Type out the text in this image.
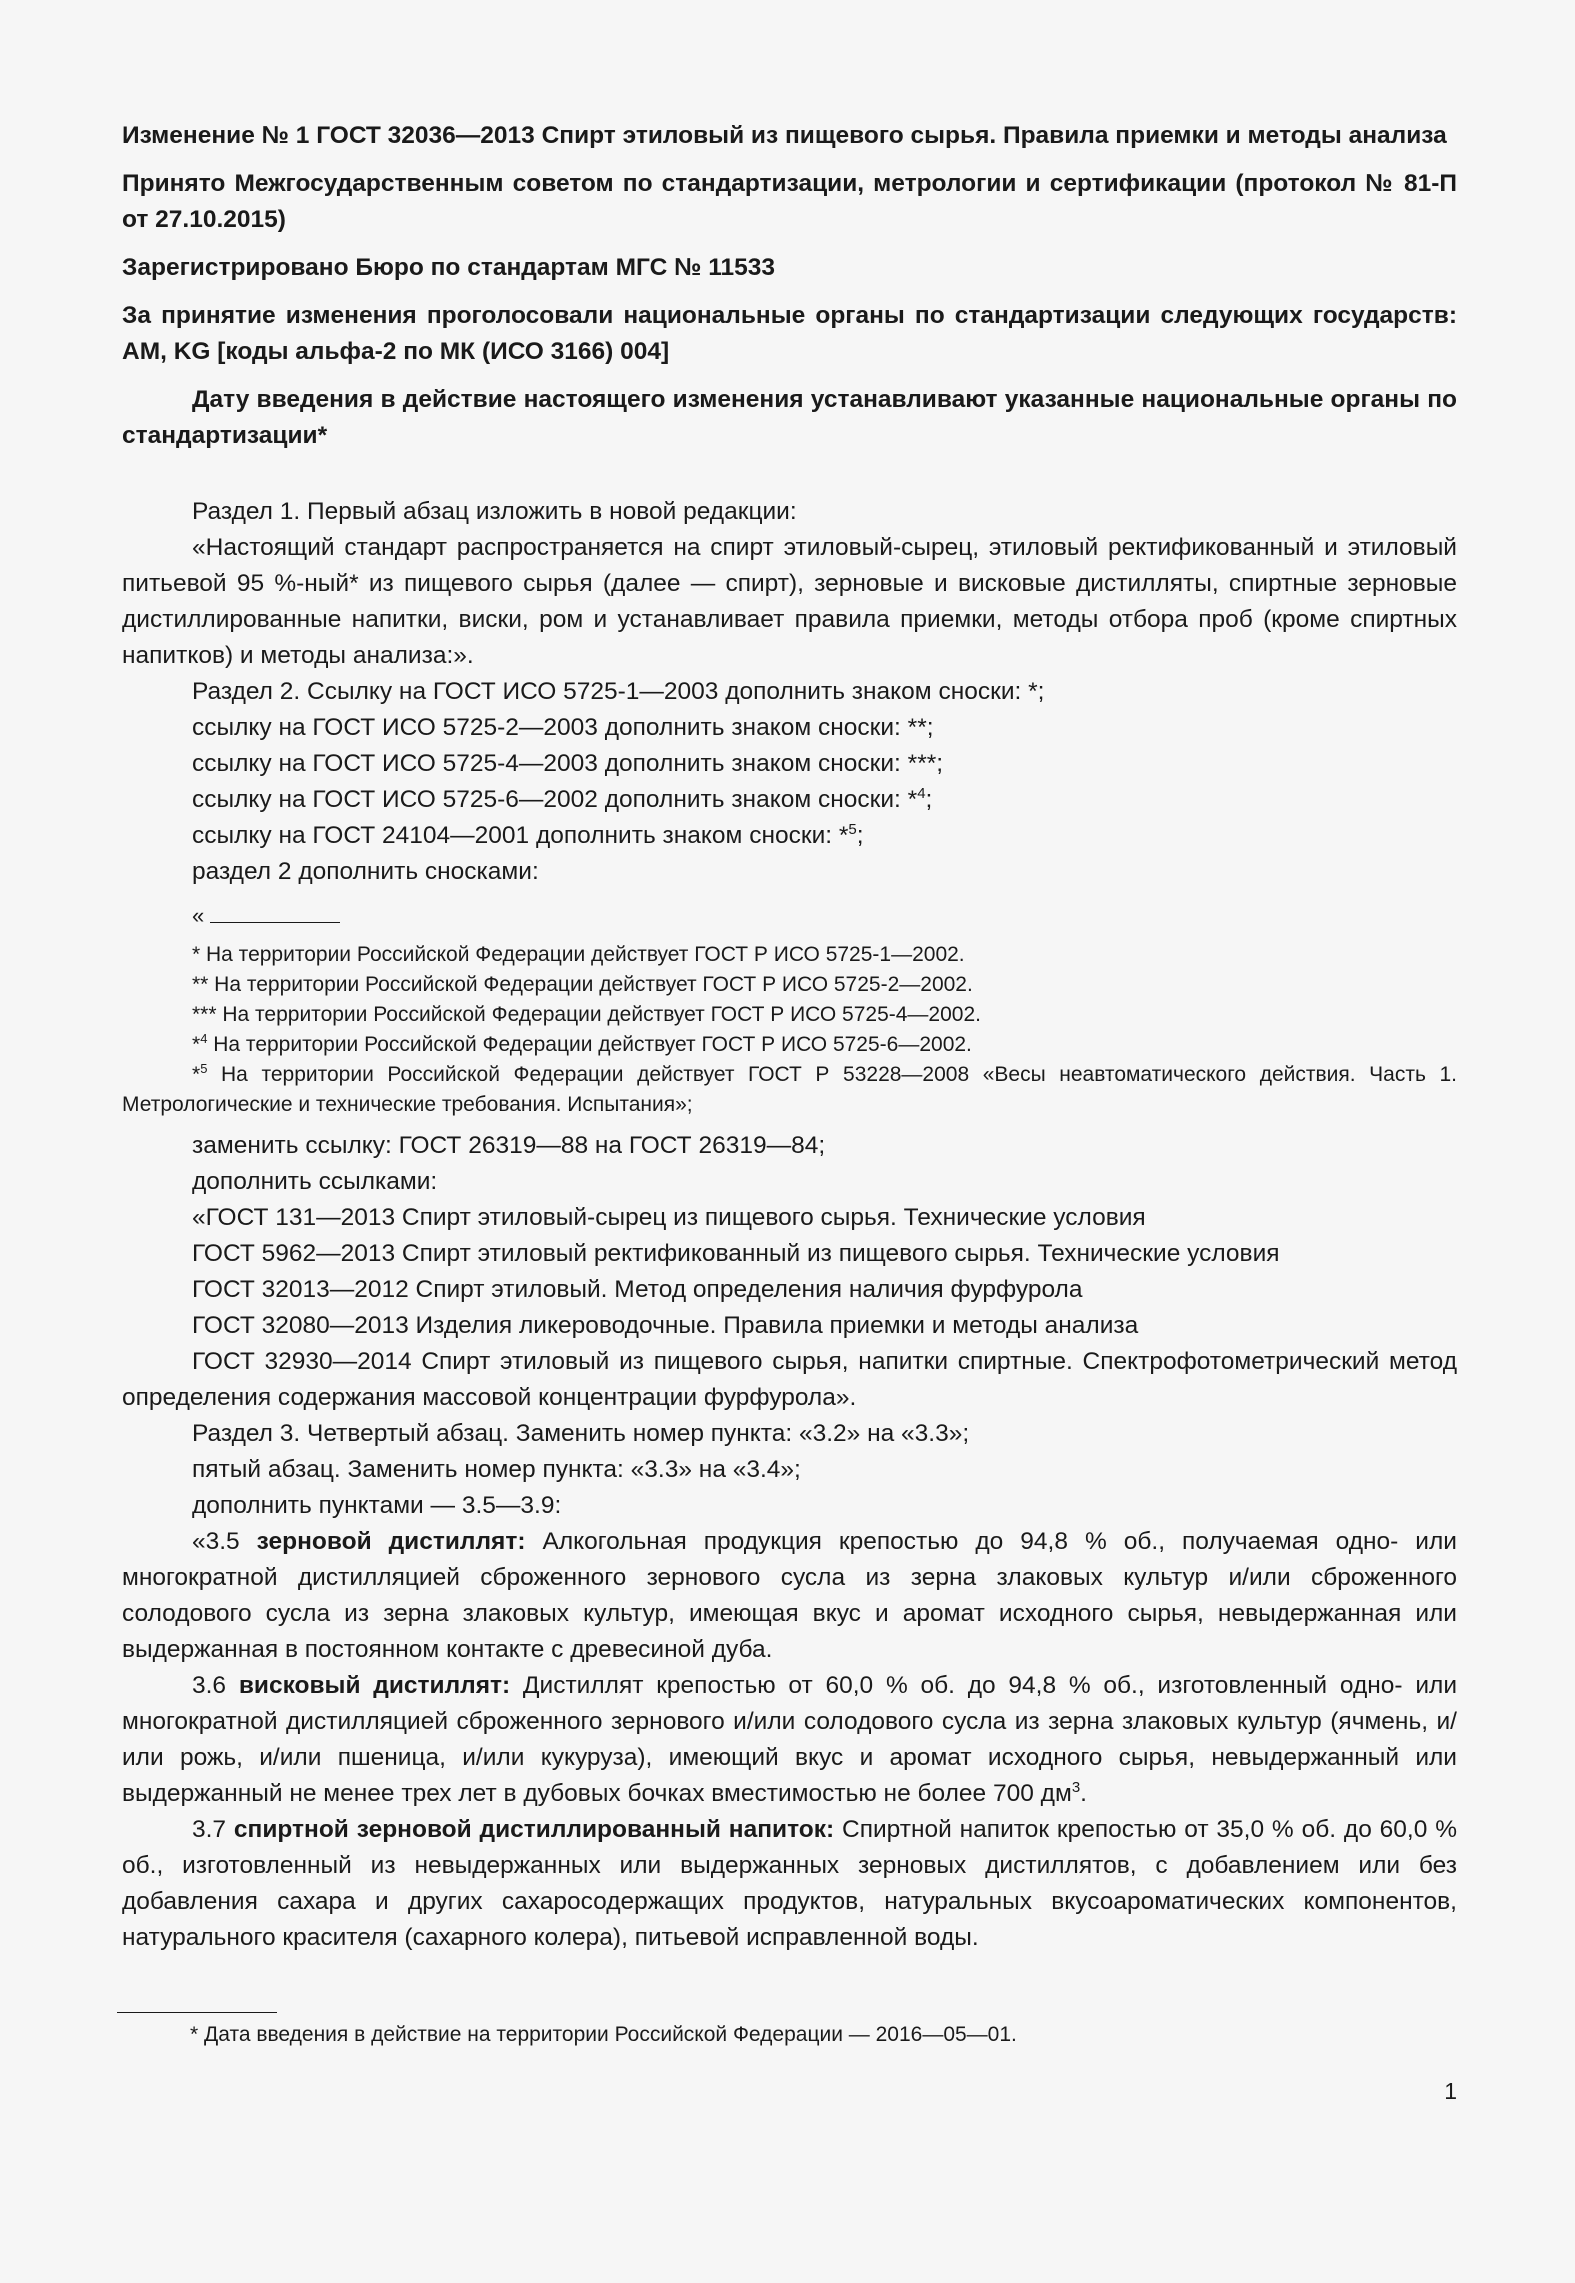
Изменение № 1 ГОСТ 32036—2013 Спирт этиловый из пищевого сырья. Правила приемки и методы анализа

Принято Межгосударственным советом по стандартизации, метрологии и сертификации (протокол № 81-П от 27.10.2015)

Зарегистрировано Бюро по стандартам МГС № 11533

За принятие изменения проголосовали национальные органы по стандартизации следующих государств: AM, KG [коды альфа-2 по МК (ИСО 3166) 004]

Дату введения в действие настоящего изменения устанавливают указанные национальные органы по стандартизации*

Раздел 1. Первый абзац изложить в новой редакции:

«Настоящий стандарт распространяется на спирт этиловый-сырец, этиловый ректификованный и этиловый питьевой 95 %-ный* из пищевого сырья (далее — спирт), зерновые и висковые дистилляты, спиртные зерновые дистиллированные напитки, виски, ром и устанавливает правила приемки, методы отбора проб (кроме спиртных напитков) и методы анализа:».

Раздел 2. Ссылку на ГОСТ ИСО 5725-1—2003 дополнить знаком сноски: *;

ссылку на ГОСТ ИСО 5725-2—2003 дополнить знаком сноски: **;

ссылку на ГОСТ ИСО 5725-4—2003 дополнить знаком сноски: ***;

ссылку на ГОСТ ИСО 5725-6—2002 дополнить знаком сноски: *$^4$;

ссылку на ГОСТ 24104—2001 дополнить знаком сноски: *$^5$;

раздел 2 дополнить сносками:

«

* На территории Российской Федерации действует ГОСТ Р ИСО 5725-1—2002.

** На территории Российской Федерации действует ГОСТ Р ИСО 5725-2—2002.

*** На территории Российской Федерации действует ГОСТ Р ИСО 5725-4—2002.

*$^4$ На территории Российской Федерации действует ГОСТ Р ИСО 5725-6—2002.

*$^5$ На территории Российской Федерации действует ГОСТ Р 53228—2008 «Весы неавтоматического действия. Часть 1. Метрологические и технические требования. Испытания»;

заменить ссылку: ГОСТ 26319—88 на ГОСТ 26319—84;

дополнить ссылками:

«ГОСТ 131—2013 Спирт этиловый-сырец из пищевого сырья. Технические условия

ГОСТ 5962—2013 Спирт этиловый ректификованный из пищевого сырья. Технические условия

ГОСТ 32013—2012 Спирт этиловый. Метод определения наличия фурфурола

ГОСТ 32080—2013 Изделия ликероводочные. Правила приемки и методы анализа

ГОСТ 32930—2014 Спирт этиловый из пищевого сырья, напитки спиртные. Спектрофотометрический метод определения содержания массовой концентрации фурфурола».

Раздел 3. Четвертый абзац. Заменить номер пункта: «3.2» на «3.3»;

пятый абзац. Заменить номер пункта: «3.3» на «3.4»;

дополнить пунктами — 3.5—3.9:

«3.5 зерновой дистиллят: Алкогольная продукция крепостью до 94,8 % об., получаемая одно- или многократной дистилляцией сброженного зернового сусла из зерна злаковых культур и/или сброженного солодового сусла из зерна злаковых культур, имеющая вкус и аромат исходного сырья, невыдержанная или выдержанная в постоянном контакте с древесиной дуба.

3.6 висковый дистиллят: Дистиллят крепостью от 60,0 % об. до 94,8 % об., изготовленный одно- или многократной дистилляцией сброженного зернового и/или солодового сусла из зерна злаковых культур (ячмень, и/или рожь, и/или пшеница, и/или кукуруза), имеющий вкус и аромат исходного сырья, невыдержанный или выдержанный не менее трех лет в дубовых бочках вместимостью не более 700 $дм^3$.

3.7 спиртной зерновой дистиллированный напиток: Спиртной напиток крепостью от 35,0 % об. до 60,0 % об., изготовленный из невыдержанных или выдержанных зерновых дистиллятов, с добавлением или без добавления сахара и других сахаросодержащих продуктов, натуральных вкусоароматических компонентов, натурального красителя (сахарного колера), питьевой исправленной воды.

* Дата введения в действие на территории Российской Федерации — 2016—05—01.

1
